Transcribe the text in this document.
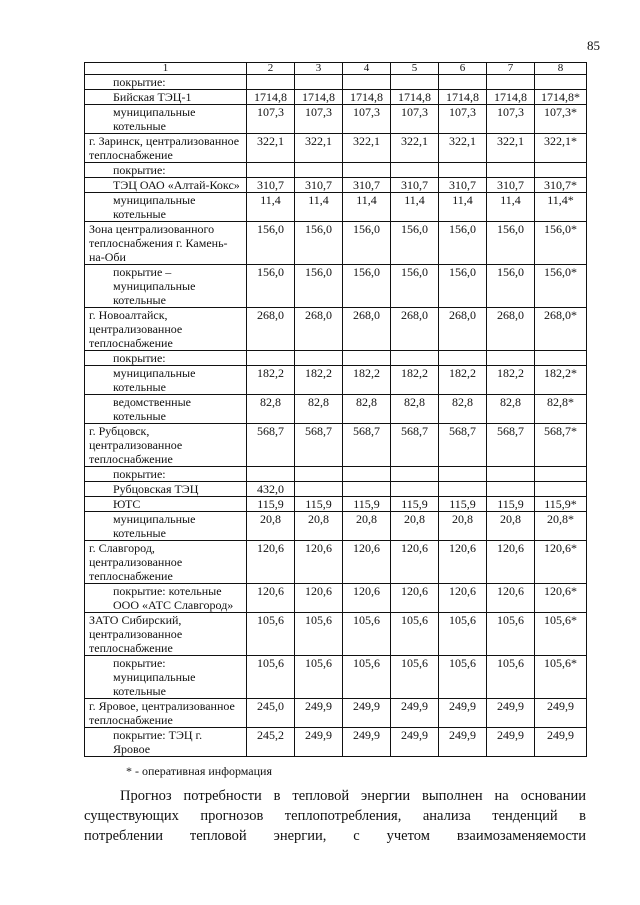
85
1	2	3	4	5	6	7	8
покрытие:							
Бийская ТЭЦ-1	1714,8	1714,8	1714,8	1714,8	1714,8	1714,8	1714,8*
муниципальные котельные	107,3	107,3	107,3	107,3	107,3	107,3	107,3*
г. Заринск, централизованное теплоснабжение	322,1	322,1	322,1	322,1	322,1	322,1	322,1*
покрытие:							
ТЭЦ ОАО «Алтай-Кокс»	310,7	310,7	310,7	310,7	310,7	310,7	310,7*
муниципальные котельные	11,4	11,4	11,4	11,4	11,4	11,4	11,4*
Зона централизованного теплоснабжения г. Камень-на-Оби	156,0	156,0	156,0	156,0	156,0	156,0	156,0*
покрытие – муниципальные котельные	156,0	156,0	156,0	156,0	156,0	156,0	156,0*
г. Новоалтайск, централизованное теплоснабжение	268,0	268,0	268,0	268,0	268,0	268,0	268,0*
покрытие:							
муниципальные котельные	182,2	182,2	182,2	182,2	182,2	182,2	182,2*
ведомственные котельные	82,8	82,8	82,8	82,8	82,8	82,8	82,8*
г. Рубцовск, централизованное теплоснабжение	568,7	568,7	568,7	568,7	568,7	568,7	568,7*
покрытие:							
Рубцовская ТЭЦ	432,0						
ЮТС	115,9	115,9	115,9	115,9	115,9	115,9	115,9*
муниципальные котельные	20,8	20,8	20,8	20,8	20,8	20,8	20,8*
г. Славгород, централизованное теплоснабжение	120,6	120,6	120,6	120,6	120,6	120,6	120,6*
покрытие: котельные ООО «АТС Славгород»	120,6	120,6	120,6	120,6	120,6	120,6	120,6*
ЗАТО Сибирский, централизованное теплоснабжение	105,6	105,6	105,6	105,6	105,6	105,6	105,6*
покрытие: муниципальные котельные	105,6	105,6	105,6	105,6	105,6	105,6	105,6*
г. Яровое, централизованное теплоснабжение	245,0	249,9	249,9	249,9	249,9	249,9	249,9
покрытие: ТЭЦ г. Яровое	245,2	249,9	249,9	249,9	249,9	249,9	249,9
* - оперативная информация
Прогноз потребности в тепловой энергии выполнен на основании
существующих прогнозов теплопотребления, анализа тенденций в
потреблении тепловой энергии, с учетом взаимозаменяемости
